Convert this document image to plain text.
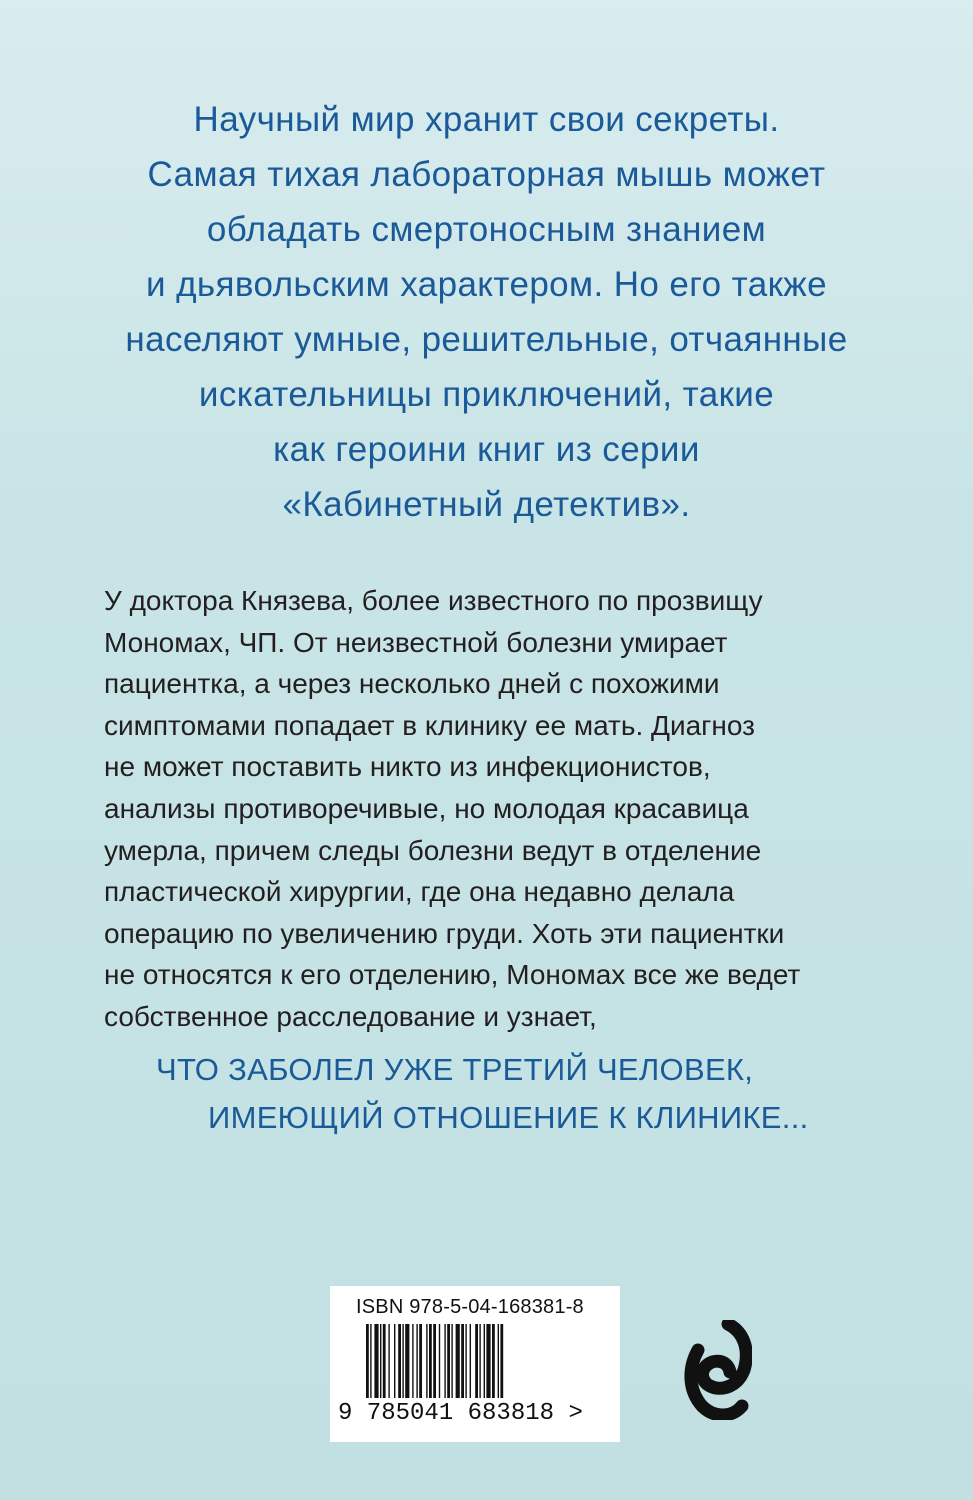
Научный мир хранит свои секреты.
Самая тихая лабораторная мышь может
обладать смертоносным знанием
и дьявольским характером. Но его также
населяют умные, решительные, отчаянные
искательницы приключений, такие
как героини книг из серии
«Кабинетный детектив».
У доктора Князева, более известного по прозвищу
Мономах, ЧП. От неизвестной болезни умирает
пациентка, а через несколько дней с похожими
симптомами попадает в клинику ее мать. Диагноз
не может поставить никто из инфекционистов,
анализы противоречивые, но молодая красавица
умерла, причем следы болезни ведут в отделение
пластической хирургии, где она недавно делала
операцию по увеличению груди. Хоть эти пациентки
не относятся к его отделению, Мономах все же ведет
собственное расследование и узнает,
ЧТО ЗАБОЛЕЛ УЖЕ ТРЕТИЙ ЧЕЛОВЕК,
ИМЕЮЩИЙ ОТНОШЕНИЕ К КЛИНИКЕ...
ISBN 978-5-04-168381-8
9 785041 683818 >
